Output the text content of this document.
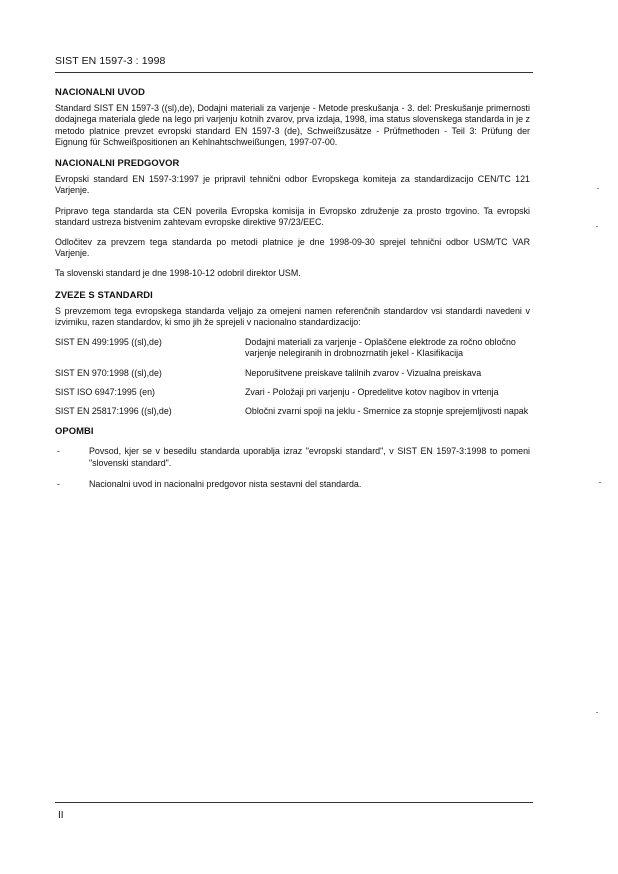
SIST EN 1597-3 : 1998
NACIONALNI UVOD

Standard SIST EN 1597-3 ((sl),de), Dodajni materiali za varjenje - Metode preskušanja - 3. del: Preskušanje primernosti dodajnega materiala glede na lego pri varjenju kotnih zvarov, prva izdaja, 1998, ima status slovenskega standarda in je z metodo platnice prevzet evropski standard EN 1597-3 (de), Schweißzusätze - Prüfmethoden - Teil 3: Prüfung der Eignung für Schweißpositionen an Kehlnahtschweißungen, 1997-07-00.

NACIONALNI PREDGOVOR

Evropski standard EN 1597-3:1997 je pripravil tehnični odbor Evropskega komiteja za standardizacijo CEN/TC 121 Varjenje.

Pripravo tega standarda sta CEN poverila Evropska komisija in Evropsko združenje za prosto trgovino. Ta evropski standard ustreza bistvenim zahtevam evropske direktive 97/23/EEC.

Odločitev za prevzem tega standarda po metodi platnice je dne 1998-09-30 sprejel tehnični odbor USM/TC VAR Varjenje.

Ta slovenski standard je dne 1998-10-12 odobril direktor USM.

ZVEZE S STANDARDI

S prevzemom tega evropskega standarda veljajo za omejeni namen referenčnih standardov vsi standardi navedeni v izvirniku, razen standardov, ki smo jih že sprejeli v nacionalno standardizacijo:

SIST EN 499:1995 ((sl),de)	Dodajni materiali za varjenje - Oplaščene elektrode za ročno obločno varjenje nelegiranih in drobnozrnatih jekel - Klasifikacija
SIST EN 970:1998 ((sl),de)	Neporušitvene preiskave talilnih zvarov - Vizualna preiskava
SIST ISO 6947:1995 (en)	Zvari - Položaji pri varjenju - Opredelitve kotov nagibov in vrtenja
SIST EN 25817:1996 ((sl),de)	Obločni zvarni spoji na jeklu - Smernice za stopnje sprejemljivosti napak
OPOMBI
-	Povsod, kjer se v besedilu standarda uporablja izraz "evropski standard", v SIST EN 1597-3:1998 to pomeni "slovenski standard".
-	Nacionalni uvod in nacionalni predgovor nista sestavni del standarda.
II
